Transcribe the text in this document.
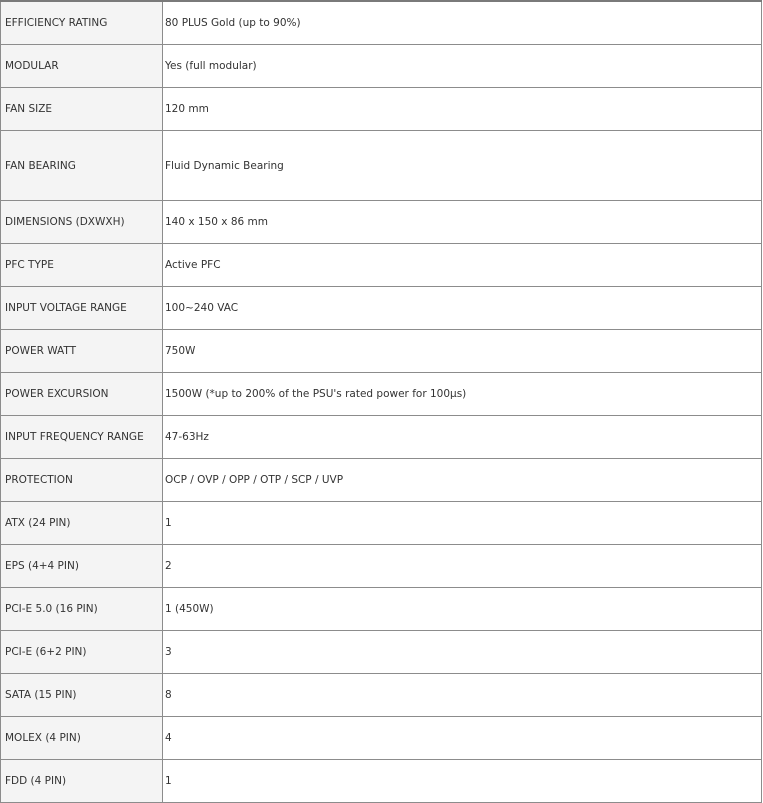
EFFICIENCY RATING	80 PLUS Gold (up to 90%)
MODULAR	Yes (full modular)
FAN SIZE	120 mm
FAN BEARING	Fluid Dynamic Bearing
DIMENSIONS (DXWXH)	140 x 150 x 86 mm
PFC TYPE	Active PFC
INPUT VOLTAGE RANGE	100~240 VAC
POWER WATT	750W
POWER EXCURSION	1500W (*up to 200% of the PSU's rated power for 100µs)
INPUT FREQUENCY RANGE	47-63Hz
PROTECTION	OCP / OVP / OPP / OTP / SCP / UVP
ATX (24 PIN)	1
EPS (4+4 PIN)	2
PCI-E 5.0 (16 PIN)	1 (450W)
PCI-E (6+2 PIN)	3
SATA (15 PIN)	8
MOLEX (4 PIN)	4
FDD (4 PIN)	1
